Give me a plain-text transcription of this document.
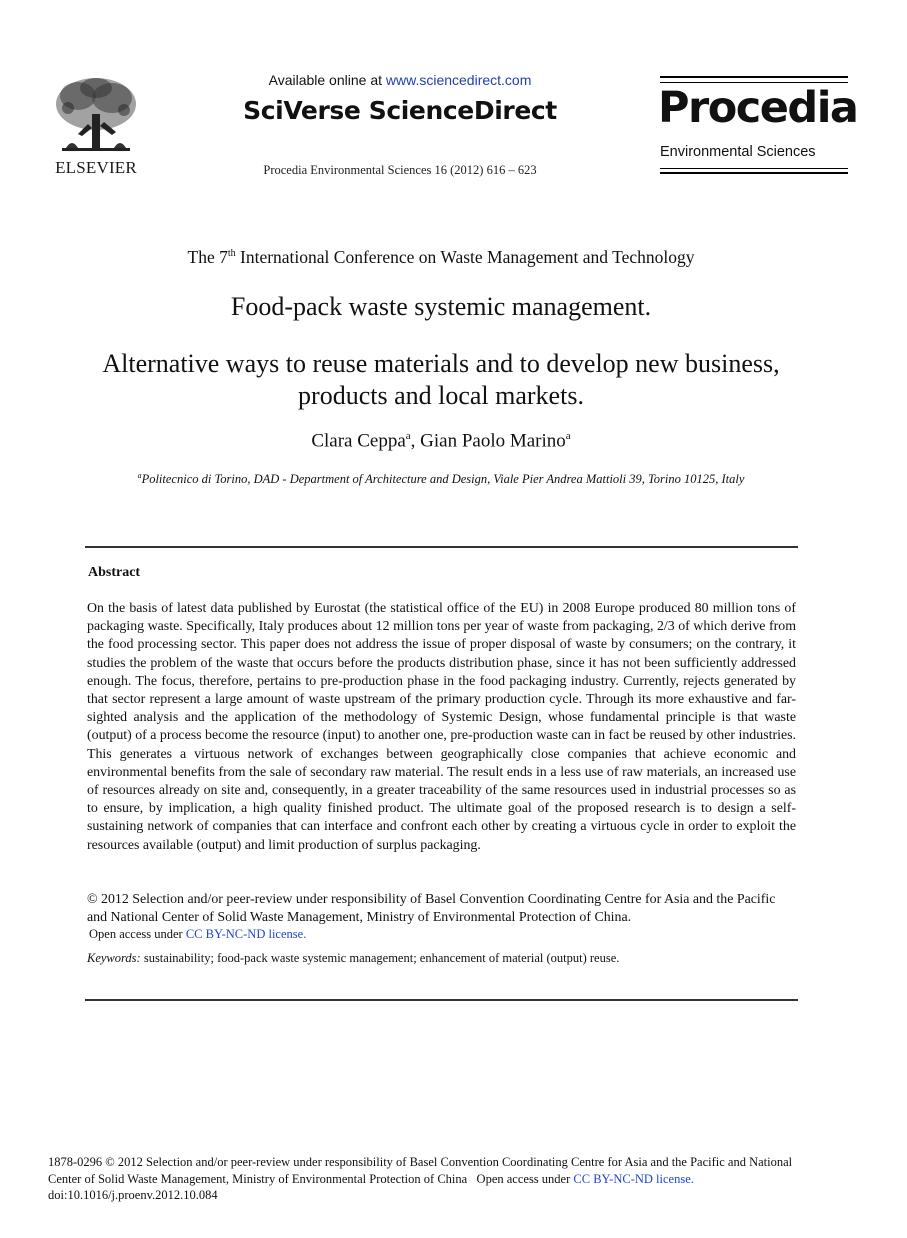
ELSEVIER
Available online at www.sciencedirect.com
SciVerse ScienceDirect
Procedia Environmental Sciences 16 (2012) 616 – 623
Procedia
Environmental Sciences
The 7th International Conference on Waste Management and Technology
Food-pack waste systemic management.
Alternative ways to reuse materials and to develop new business, products and local markets.
Clara Ceppa$^a$, Gian Paolo Marino$^a$
$^a$Politecnico di Torino, DAD - Department of Architecture and Design, Viale Pier Andrea Mattioli 39, Torino 10125, Italy
Abstract
On the basis of latest data published by Eurostat (the statistical office of the EU) in 2008 Europe produced 80 million tons of packaging waste. Specifically, Italy produces about 12 million tons per year of waste from packaging, 2/3 of which derive from the food processing sector. This paper does not address the issue of proper disposal of waste by consumers; on the contrary, it studies the problem of the waste that occurs before the products distribution phase, since it has not been sufficiently addressed enough. The focus, therefore, pertains to pre-production phase in the food packaging industry. Currently, rejects generated by that sector represent a large amount of waste upstream of the primary production cycle. Through its more exhaustive and far-sighted analysis and the application of the methodology of Systemic Design, whose fundamental principle is that waste (output) of a process become the resource (input) to another one, pre-production waste can in fact be reused by other industries. This generates a virtuous network of exchanges between geographically close companies that achieve economic and environmental benefits from the sale of secondary raw material. The result ends in a less use of raw materials, an increased use of resources already on site and, consequently, in a greater traceability of the same resources used in industrial processes so as to ensure, by implication, a high quality finished product. The ultimate goal of the proposed research is to design a self-sustaining network of companies that can interface and confront each other by creating a virtuous cycle in order to exploit the resources available (output) and limit production of surplus packaging.
© 2012 Selection and/or peer-review under responsibility of Basel Convention Coordinating Centre for Asia and the Pacific and National Center of Solid Waste Management, Ministry of Environmental Protection of China.
Open access under CC BY-NC-ND license.
Keywords: sustainability; food-pack waste systemic management; enhancement of material (output) reuse.
1878-0296 © 2012 Selection and/or peer-review under responsibility of Basel Convention Coordinating Centre for Asia and the Pacific and National
Center of Solid Waste Management, Ministry of Environmental Protection of China   Open access under CC BY-NC-ND license.
doi:10.1016/j.proenv.2012.10.084
